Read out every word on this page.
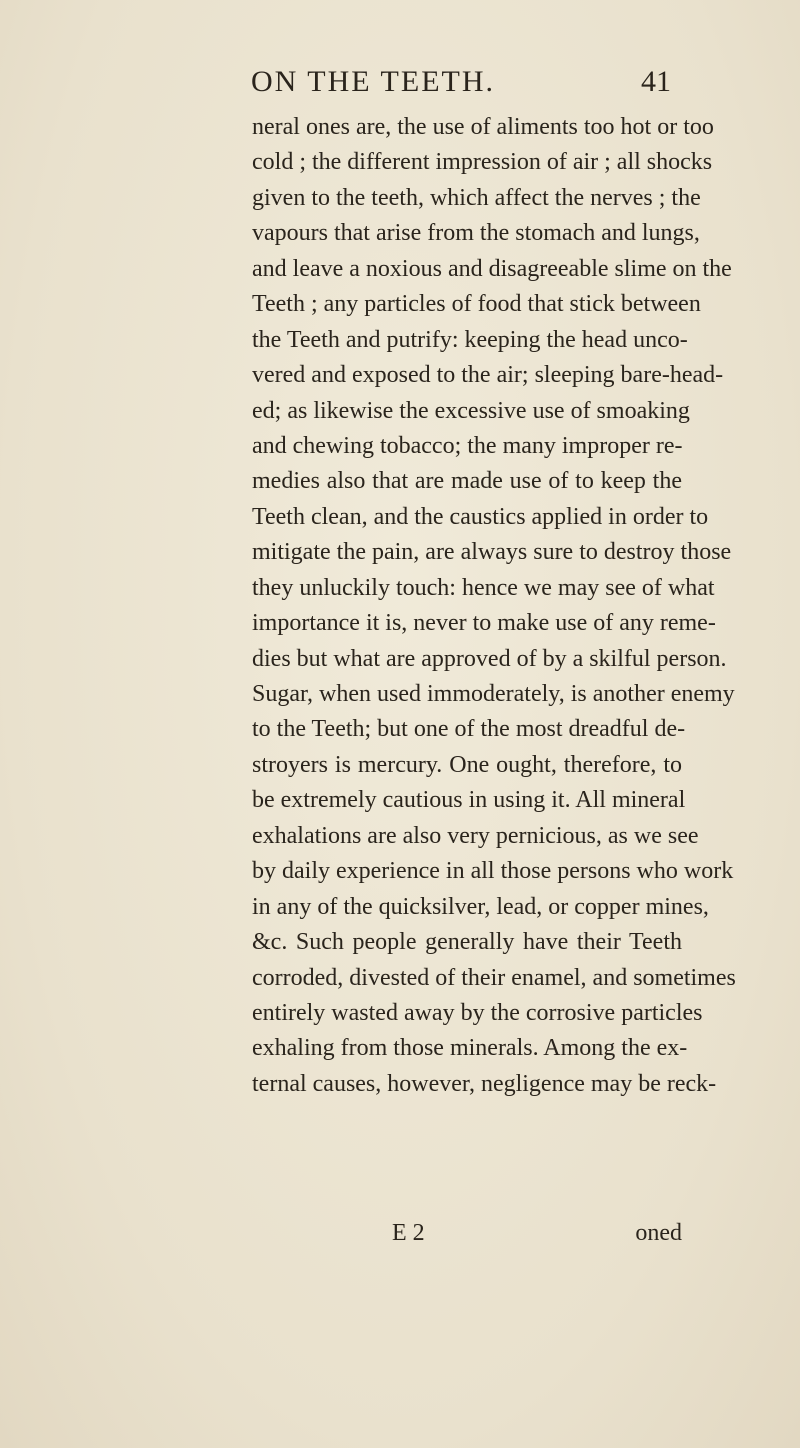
ON THE TEETH.	41
neral ones are, the use of aliments too hot or too
cold ; the different impression of air ; all shocks
given to the teeth, which affect the nerves ; the
vapours that arise from the stomach and lungs,
and leave a noxious and disagreeable slime on the
Teeth ; any particles of food that stick between
the Teeth and putrify: keeping the head unco-
vered and exposed to the air; sleeping bare-head-
ed; as likewise the excessive use of smoaking
and chewing tobacco; the many improper re-
medies also that are made use of to keep the
Teeth clean, and the caustics applied in order to
mitigate the pain, are always sure to destroy those
they unluckily touch: hence we may see of what
importance it is, never to make use of any reme-
dies but what are approved of by a skilful person.
Sugar, when used immoderately, is another enemy
to the Teeth; but one of the most dreadful de-
stroyers is mercury. One ought, therefore, to
be extremely cautious in using it. All mineral
exhalations are also very pernicious, as we see
by daily experience in all those persons who work
in any of the quicksilver, lead, or copper mines,
&c. Such people generally have their Teeth
corroded, divested of their enamel, and sometimes
entirely wasted away by the corrosive particles
exhaling from those minerals. Among the ex-
ternal causes, however, negligence may be reck-
E 2	oned
